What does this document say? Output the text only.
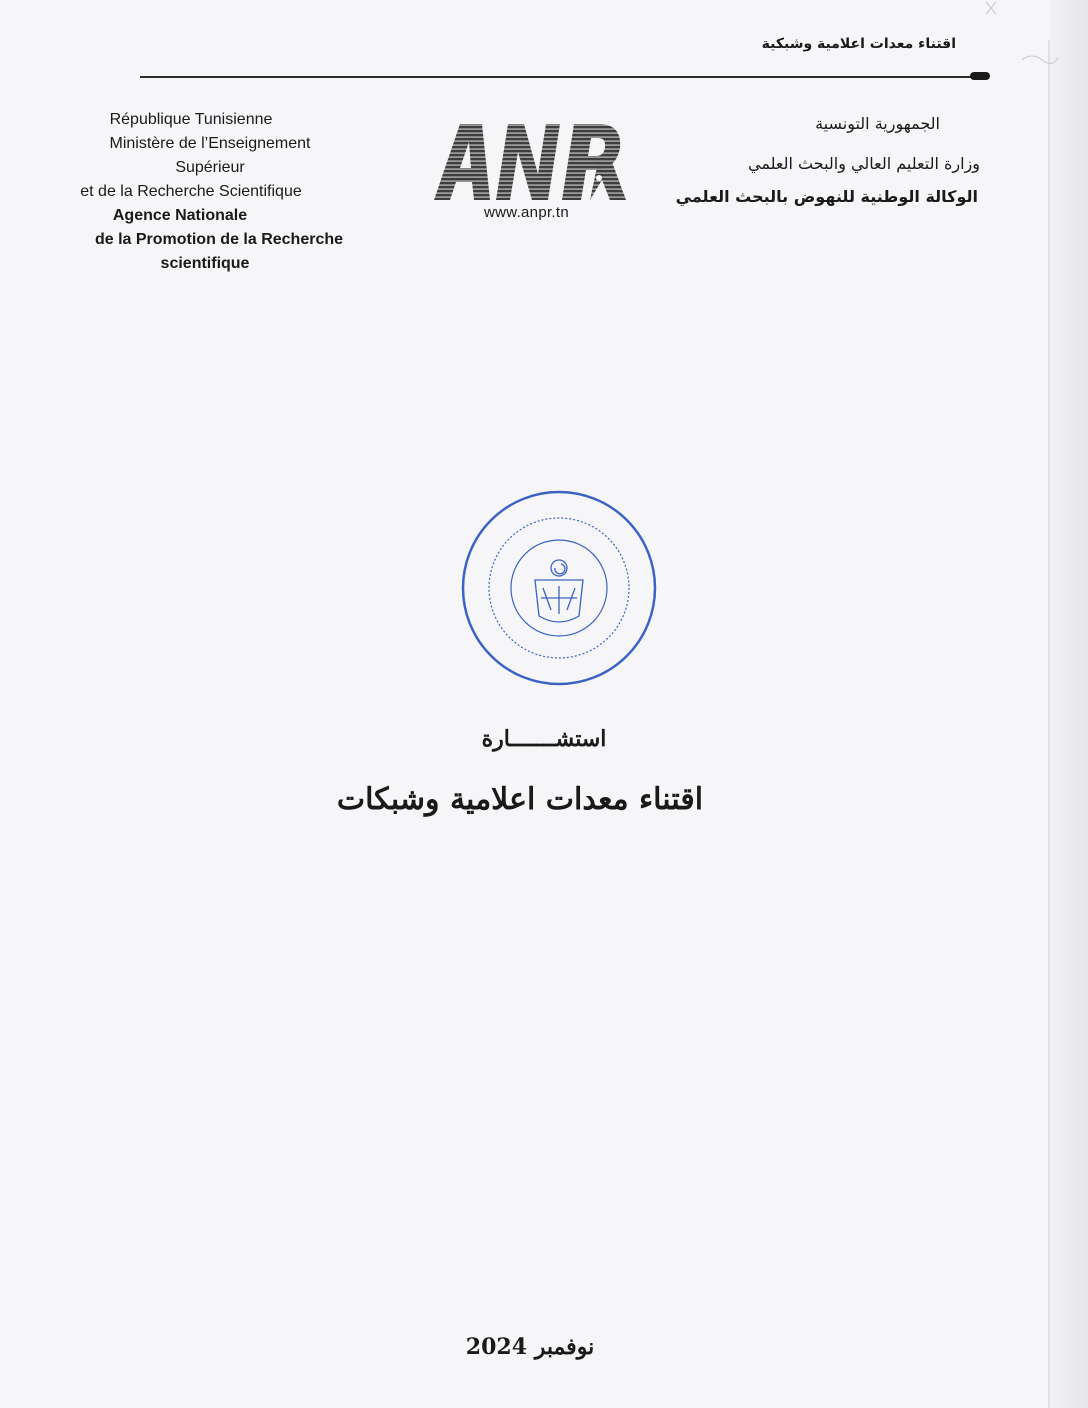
اقتناء معدات اعلامية وشبكية
République Tunisienne
Ministère de l’Enseignement
Supérieur
et de la Recherche Scientifique
Agence Nationale
de la Promotion de la Recherche
scientifique
www.anpr.tn
الجمهورية التونسية
وزارة التعليم العالي والبحث العلمي
الوكالة الوطنية للنهوض بالبحث العلمي
استشـــــــارة
اقتناء معدات اعلامية وشبكات
نوفمبر 2024
